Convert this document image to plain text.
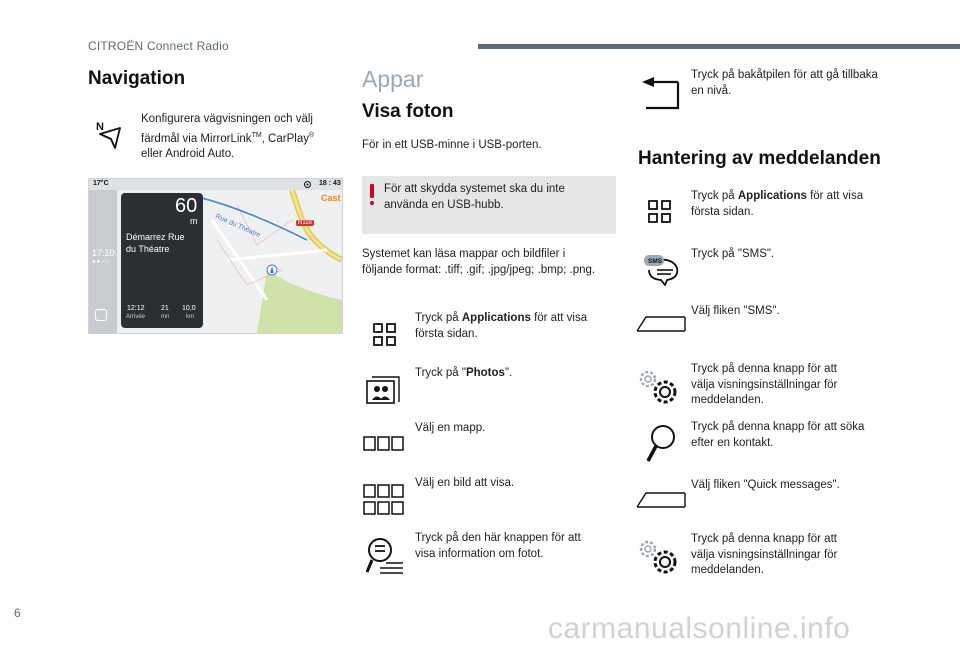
CITROËN Connect Radio
Navigation
N
Konfigurera vägvisningen och välj
färdmål via MirrorLink™, CarPlay®
eller Android Auto.
17°C	18 : 43
17:10
●●○○
60
m
Démarrez Rue
du Théatre
12:12
Arrivée
21
mn
10,0
km
Rue du Théatre	N118
Cast
Appar
Visa foton
För in ett USB-minne i USB-porten.
För att skydda systemet ska du inte
använda en USB-hubb.
Systemet kan läsa mappar och bildfiler i
följande format: .tiff; .gif; .jpg/jpeg; .bmp; .png.
Tryck på Applications för att visa
första sidan.
Tryck på "Photos".
Välj en mapp.
Välj en bild att visa.
Tryck på den här knappen för att
visa information om fotot.
Tryck på bakåtpilen för att gå tillbaka
en nivå.
Hantering av meddelanden
Tryck på Applications för att visa
första sidan.
SMS
Tryck på "SMS".
Välj fliken "SMS".
Tryck på denna knapp för att
välja visningsinställningar för
meddelanden.
Tryck på denna knapp för att söka
efter en kontakt.
Välj fliken "Quick messages".
Tryck på denna knapp för att
välja visningsinställningar för
meddelanden.
6	carmanualsonline.info
